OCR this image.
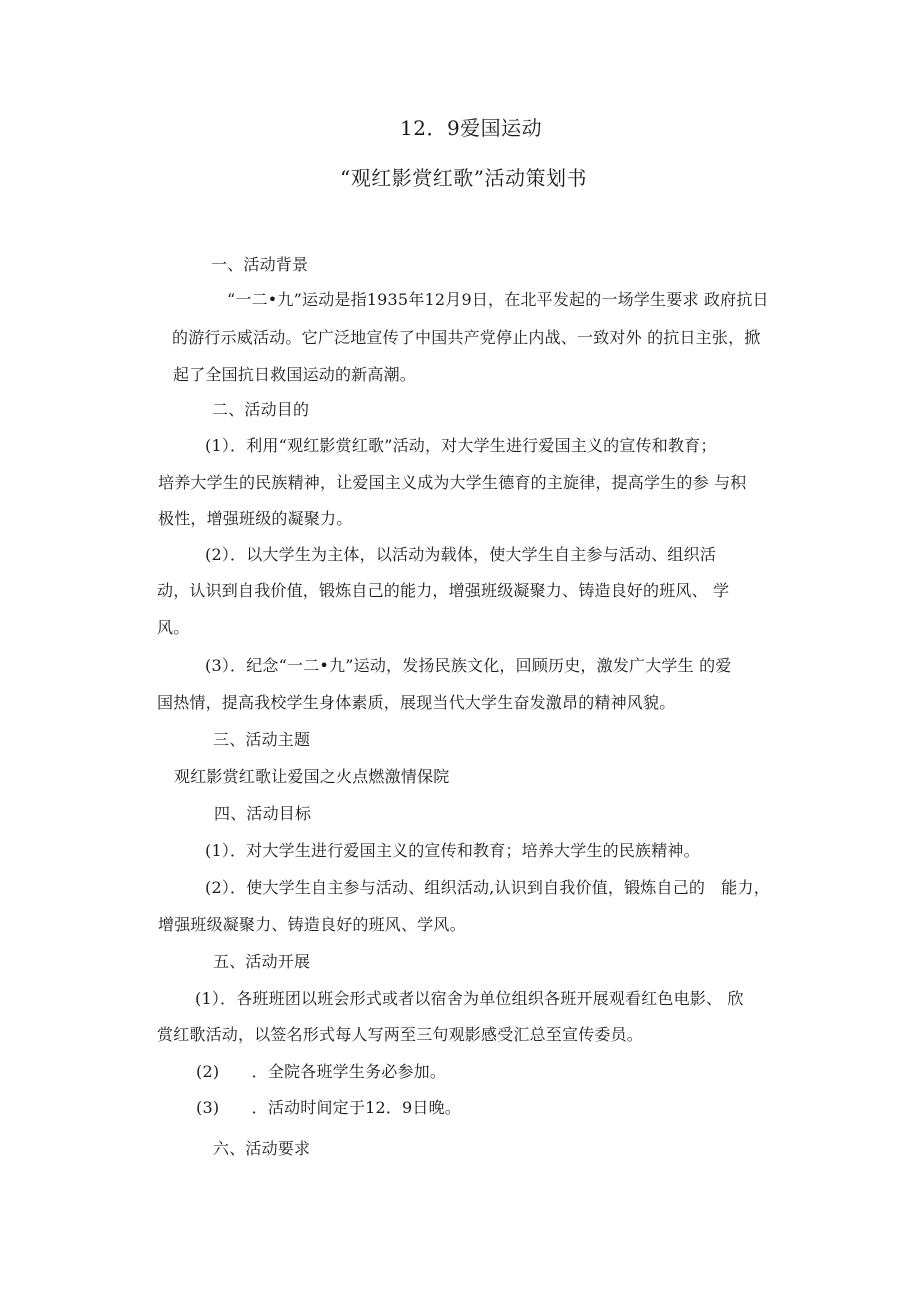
12．9爱国运动
“观红影赏红歌”活动策划书
一、活动背景
“一二•九”运动是指1935年12月9日，在北平发起的一场学生要求 政府抗日
的游行示威活动。它广泛地宣传了中国共产党停止内战、一致对外 的抗日主张，掀
起了全国抗日救国运动的新高潮。
二、活动目的
(1）．利用“观红影赏红歌”活动，对大学生进行爱国主义的宣传和教育；
培养大学生的民族精神，让爱国主义成为大学生德育的主旋律，提高学生的参 与积
极性，增强班级的凝聚力。
(2）．以大学生为主体，以活动为载体，使大学生自主参与活动、组织活
动，认识到自我价值，锻炼自己的能力，增强班级凝聚力、铸造良好的班风、 学
风。
(3）．纪念“一二•九”运动，发扬民族文化，回顾历史，激发广大学生 的爱
国热情，提高我校学生身体素质，展现当代大学生奋发激昂的精神风貌。
三、活动主题
观红影赏红歌让爱国之火点燃激情保院
四、活动目标
(1）．对大学生进行爱国主义的宣传和教育；培养大学生的民族精神。
(2）．使大学生自主参与活动、组织活动,认识到自我价值，锻炼自己的　能力，
增强班级凝聚力、铸造良好的班风、学风。
五、活动开展
(1）．各班班团以班会形式或者以宿舍为单位组织各班开展观看红色电影、 欣
赏红歌活动，以签名形式每人写两至三句观影感受汇总至宣传委员。
(2)　　．全院各班学生务必参加。
(3)　　．活动时间定于12．9日晚。
六、活动要求
